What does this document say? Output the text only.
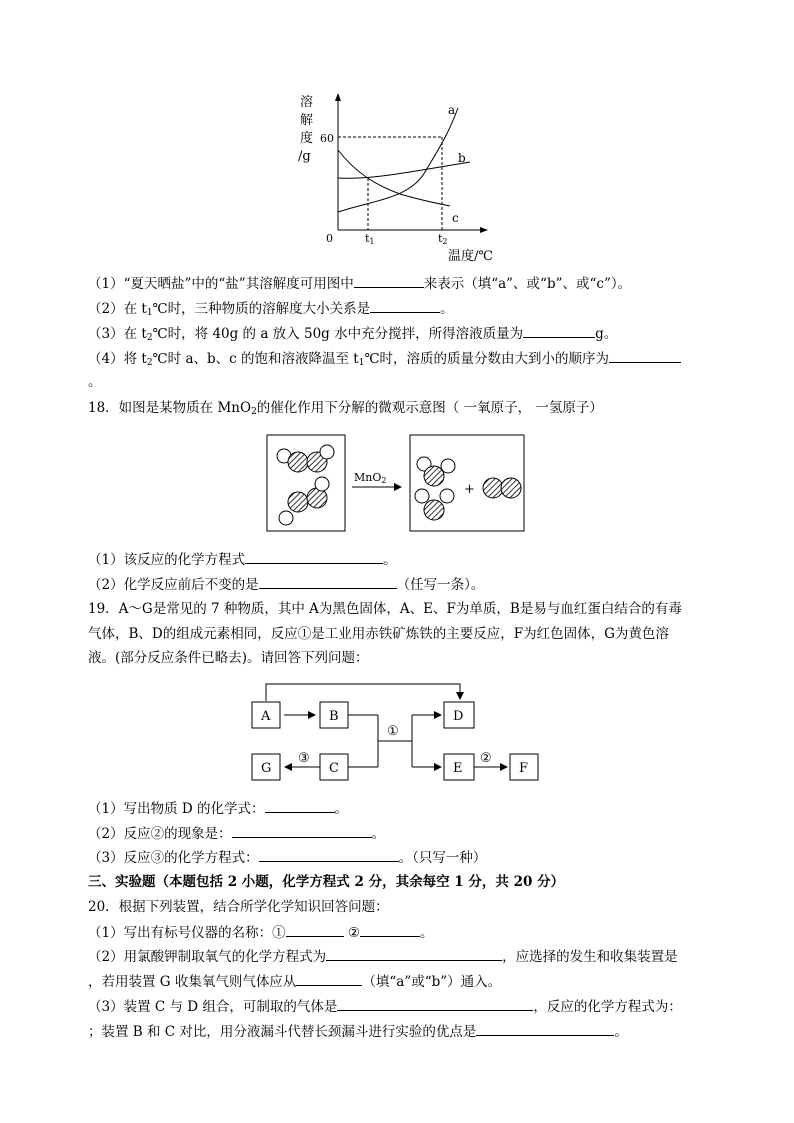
溶
解
度
/g
60
a
b
c
0	t1	t2
温度/℃
（1）“夏天晒盐”中的“盐”其溶解度可用图中	来表示（填“a”、或“b”、或“c”）。
（2）在 $t_1℃$时，三种物质的溶解度大小关系是	。
（3）在 $t_2℃$时，将 40g 的 a 放入 50g 水中充分搅拌，所得溶液质量为	g。
（4）将 $t_2℃$时 a、b、c 的饱和溶液降温至 $t_1℃$时，溶质的质量分数由大到小的顺序为
。
18．如图是某物质在 MnO$_2$的催化作用下分解的微观示意图（ 一氧原子， 一氢原子）
MnO2
+
（1）该反应的化学方程式	。
（2）化学反应前后不变的是	（任写一条）。
19．A～G是常见的 7 种物质，其中 A为黑色固体，A、E、F为单质，B是易与血红蛋白结合的有毒
气体，B、D的组成元素相同，反应①是工业用赤铁矿炼铁的主要反应，F为红色固体，G为黄色溶
液。(部分反应条件已略去)。请回答下列问题：
A	B	D
G	C	E	F
①
③	②
（1）写出物质 D 的化学式：	。
（2）反应②的现象是：	。
（3）反应③的化学方程式：	。（只写一种）
三、实验题（本题包括 2 小题，化学方程式 2 分，其余每空 1 分，共 20 分）
20．根据下列装置，结合所学化学知识回答问题：
（1）写出有标号仪器的名称：①	②	。
（2）用氯酸钾制取氧气的化学方程式为	，应选择的发生和收集装置是
，若用装置 G 收集氧气则气体应从	（填“a”或“b”）通入。
（3）装置 C 与 D 组合，可制取的气体是	，反应的化学方程式为：
；装置 B 和 C 对比，用分液漏斗代替长颈漏斗进行实验的优点是	。
